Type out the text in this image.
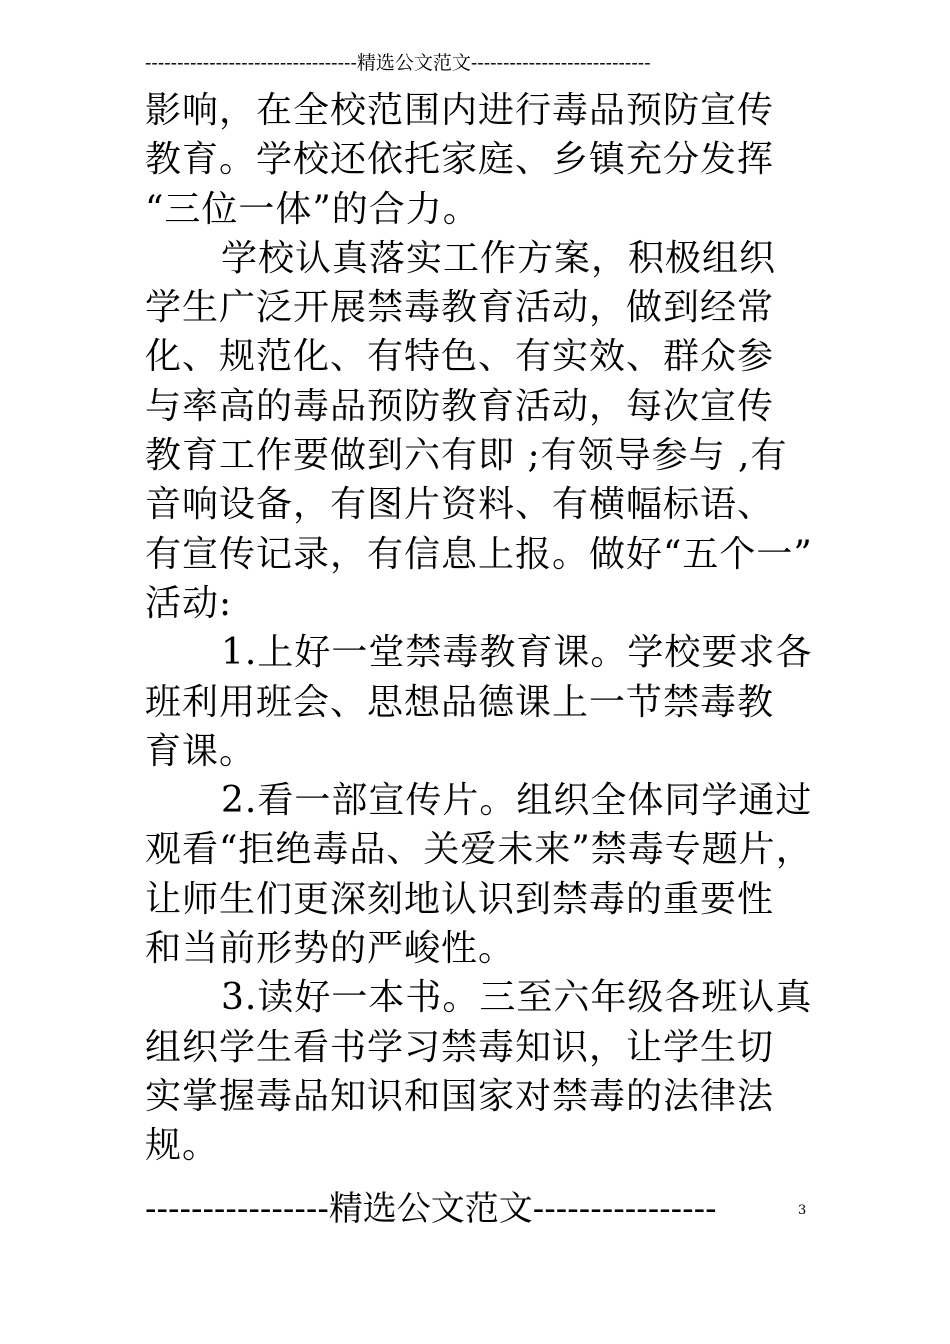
---------------------------------精选公文范文----------------------------
影响，在全校范围内进行毒品预防宣传
教育。学校还依托家庭、乡镇充分发挥
“三位一体”的合力。
学校认真落实工作方案，积极组织
学生广泛开展禁毒教育活动，做到经常
化、规范化、有特色、有实效、群众参
与率高的毒品预防教育活动，每次宣传
教育工作要做到六有即 ;有领导参与 ,有
音响设备，有图片资料、有横幅标语、
有宣传记录，有信息上报。做好“五个一”
活动:
1.上好一堂禁毒教育课。学校要求各
班利用班会、思想品德课上一节禁毒教
育课。
2.看一部宣传片。组织全体同学通过
观看“拒绝毒品、关爱未来”禁毒专题片，
让师生们更深刻地认识到禁毒的重要性
和当前形势的严峻性。
3.读好一本书。三至六年级各班认真
组织学生看书学习禁毒知识，让学生切
实掌握毒品知识和国家对禁毒的法律法
规。
----------------精选公文范文----------------	3
